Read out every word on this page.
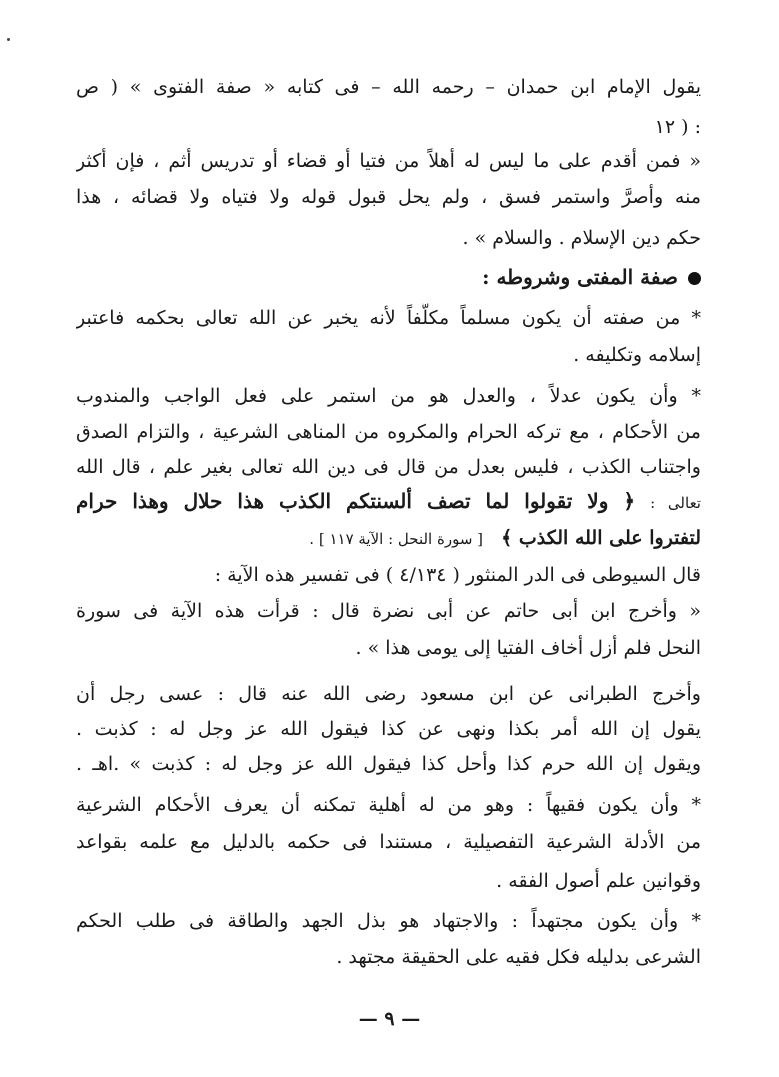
يقول الإمام ابن حمدان – رحمه الله – فى كتابه « صفة الفتوى » ( ص
: ( ١٢
« فمن أقدم على ما ليس له أهلاً من فتيا أو قضاء أو تدريس أثم ، فإن أكثر
منه وأصرَّ واستمر فسق ، ولم يحل قبول قوله ولا فتياه ولا قضائه ، هذا
حكم دين الإسلام . والسلام » .
صفة المفتى وشروطه :
* من صفته أن يكون مسلماً مكلَّفاً لأنه يخبر عن الله تعالى بحكمه فاعتبر
إسلامه وتكليفه .
* وأن يكون عدلاً ، والعدل هو من استمر على فعل الواجب والمندوب
من الأحكام ، مع تركه الحرام والمكروه من المناهى الشرعية ، والتزام الصدق
واجتناب الكذب ، فليس بعدل من قال فى دين الله تعالى بغير علم ، قال الله
تعالى : ﴿ ولا تقولوا لما تصف ألسنتكم الكذب هذا حلال وهذا حرام
لتفتروا على الله الكذب ﴾   [ سورة النحل : الآية ١١٧ ] .
قال السيوطى فى الدر المنثور ( ٤/١٣٤ ) فى تفسير هذه الآية :
« وأخرج ابن أبى حاتم عن أبى نضرة قال : قرأت هذه الآية فى سورة
النحل فلم أزل أخاف الفتيا إلى يومى هذا » .
وأخرج الطبرانى عن ابن مسعود رضى الله عنه قال : عسى رجل أن
يقول إن الله أمر بكذا ونهى عن كذا فيقول الله عز وجل له : كذبت .
ويقول إن الله حرم كذا وأحل كذا فيقول الله عز وجل له : كذبت » .اهـ .
* وأن يكون فقيهاً : وهو من له أهلية تمكنه أن يعرف الأحكام الشرعية
من الأدلة الشرعية التفصيلية ، مستندا فى حكمه بالدليل مع علمه بقواعد
وقوانين علم أصول الفقه .
* وأن يكون مجتهداً : والاجتهاد هو بذل الجهد والطاقة فى طلب الحكم
الشرعى بدليله فكل فقيه على الحقيقة مجتهد .
— ٩ —
